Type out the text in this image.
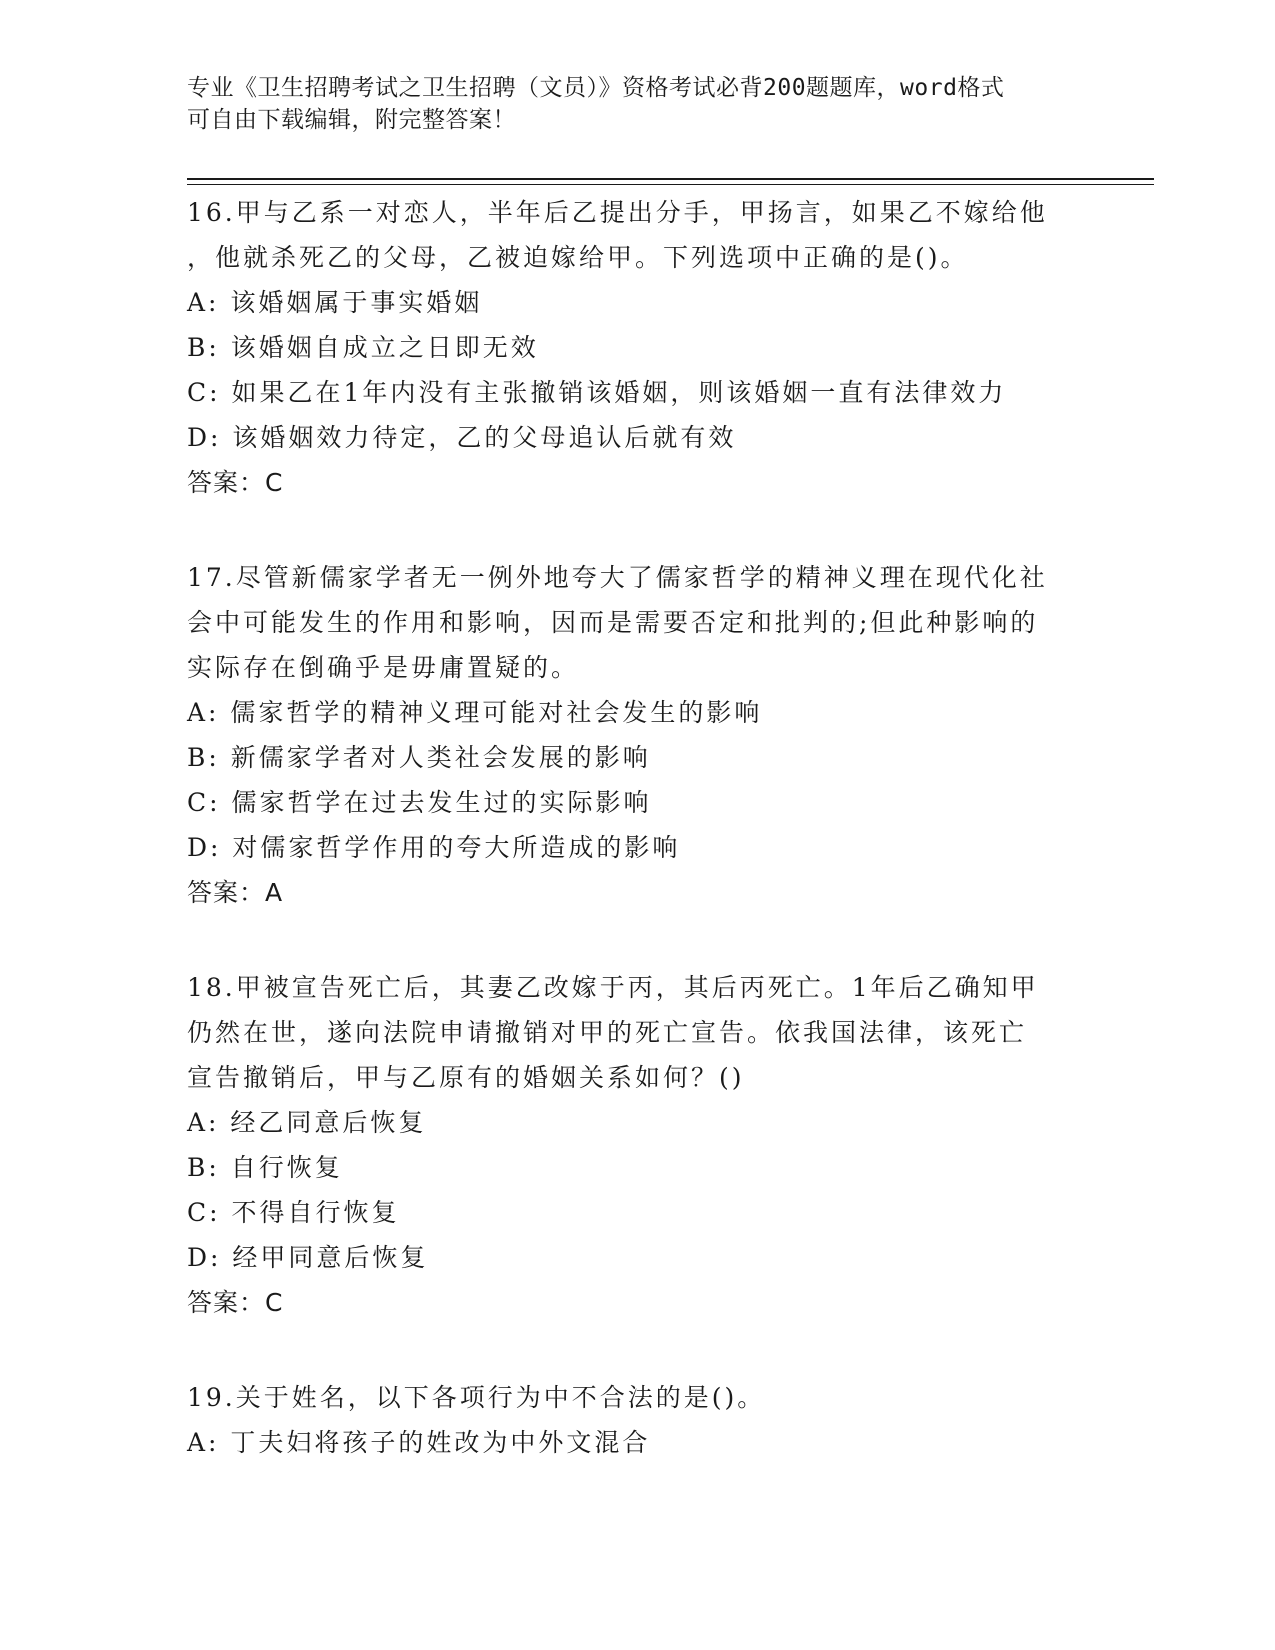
专业《卫生招聘考试之卫生招聘（文员）》资格考试必背200题题库，word格式
可自由下载编辑，附完整答案！

16.甲与乙系一对恋人，半年后乙提出分手，甲扬言，如果乙不嫁给他

，他就杀死乙的父母，乙被迫嫁给甲。下列选项中正确的是()。

A: 该婚姻属于事实婚姻

B: 该婚姻自成立之日即无效

C: 如果乙在1年内没有主张撤销该婚姻，则该婚姻一直有法律效力

D: 该婚姻效力待定，乙的父母追认后就有效

答案：C

17.尽管新儒家学者无一例外地夸大了儒家哲学的精神义理在现代化社

会中可能发生的作用和影响，因而是需要否定和批判的;但此种影响的

实际存在倒确乎是毋庸置疑的。

A: 儒家哲学的精神义理可能对社会发生的影响

B: 新儒家学者对人类社会发展的影响

C: 儒家哲学在过去发生过的实际影响

D: 对儒家哲学作用的夸大所造成的影响

答案：A

18.甲被宣告死亡后，其妻乙改嫁于丙，其后丙死亡。1年后乙确知甲

仍然在世，遂向法院申请撤销对甲的死亡宣告。依我国法律，该死亡

宣告撤销后，甲与乙原有的婚姻关系如何？()

A: 经乙同意后恢复

B: 自行恢复

C: 不得自行恢复

D: 经甲同意后恢复

答案：C

19.关于姓名，以下各项行为中不合法的是()。

A: 丁夫妇将孩子的姓改为中外文混合
